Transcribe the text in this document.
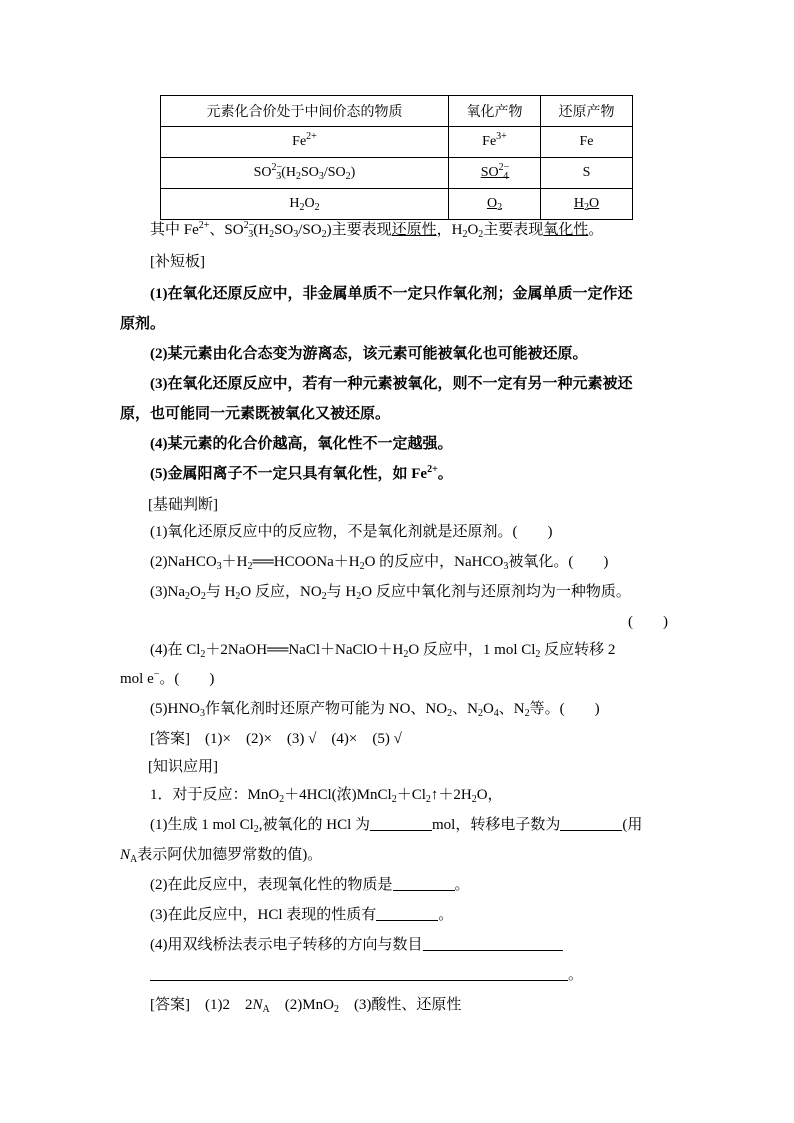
元素化合价处于中间价态的物质	氧化产物	还原产物
$Fe^{2+}$	$Fe^{3+}$	Fe
$SO^{2-}_3(H_2SO_3/SO_2)$	$SO^{2-}_4$	S
$H_2O_2$	$O_2$	$H_2O$
其中 $Fe^{2+}$、$SO^{2-}_3(H_2SO_3/SO_2)$主要表现还原性，$H_2O_2$主要表现氧化性。
[补短板]
(1)在氧化还原反应中，非金属单质不一定只作氧化剂；金属单质一定作还
原剂。
(2)某元素由化合态变为游离态，该元素可能被氧化也可能被还原。
(3)在氧化还原反应中，若有一种元素被氧化，则不一定有另一种元素被还
原，也可能同一元素既被氧化又被还原。
(4)某元素的化合价越高，氧化性不一定越强。
(5)金属阳离子不一定只具有氧化性，如 $Fe^{2+}$。
[基础判断]
(1)氧化还原反应中的反应物，不是氧化剂就是还原剂。(　　)
$(2)NaHCO_3+H_2══HCOONa+H_2O$ 的反应中，NaHCO$_3$被氧化。(　　)
$(3)Na_2O_2$与 $H_2O$ 反应，$NO_2$与 $H_2O$ 反应中氧化剂与还原剂均为一种物质。
(　　)
(4)在 $Cl_2+2NaOH══NaCl+NaClO+H_2O$ 反应中，1 mol $Cl_2$ 反应转移 2
mol e−。(　　)
$(5)HNO_3$作氧化剂时还原产物可能为 NO、$NO_2$、$N_2O_4$、$N_2$等。(　　)
[答案]　 (1)×　(2)×　(3) √　(4)×　(5) √
[知识应用]
1．对于反应：MnO$_2$＋4HCl(浓)$MnCl_2+Cl_2↑+2H_2O$，
(1)生成 1 mol $Cl_2$,被氧化的 HCl 为	mol，转移电子数为	(用
$N_A$表示阿伏加德罗常数的值)。
(2)在此反应中，表现氧化性的物质是	。
(3)在此反应中，HCl 表现的性质有	。
(4)用双线桥法表示电子转移的方向与数目
。
[答案]　 (1)2　$2N_A$　(2)MnO$_2$　(3)酸性、还原性
